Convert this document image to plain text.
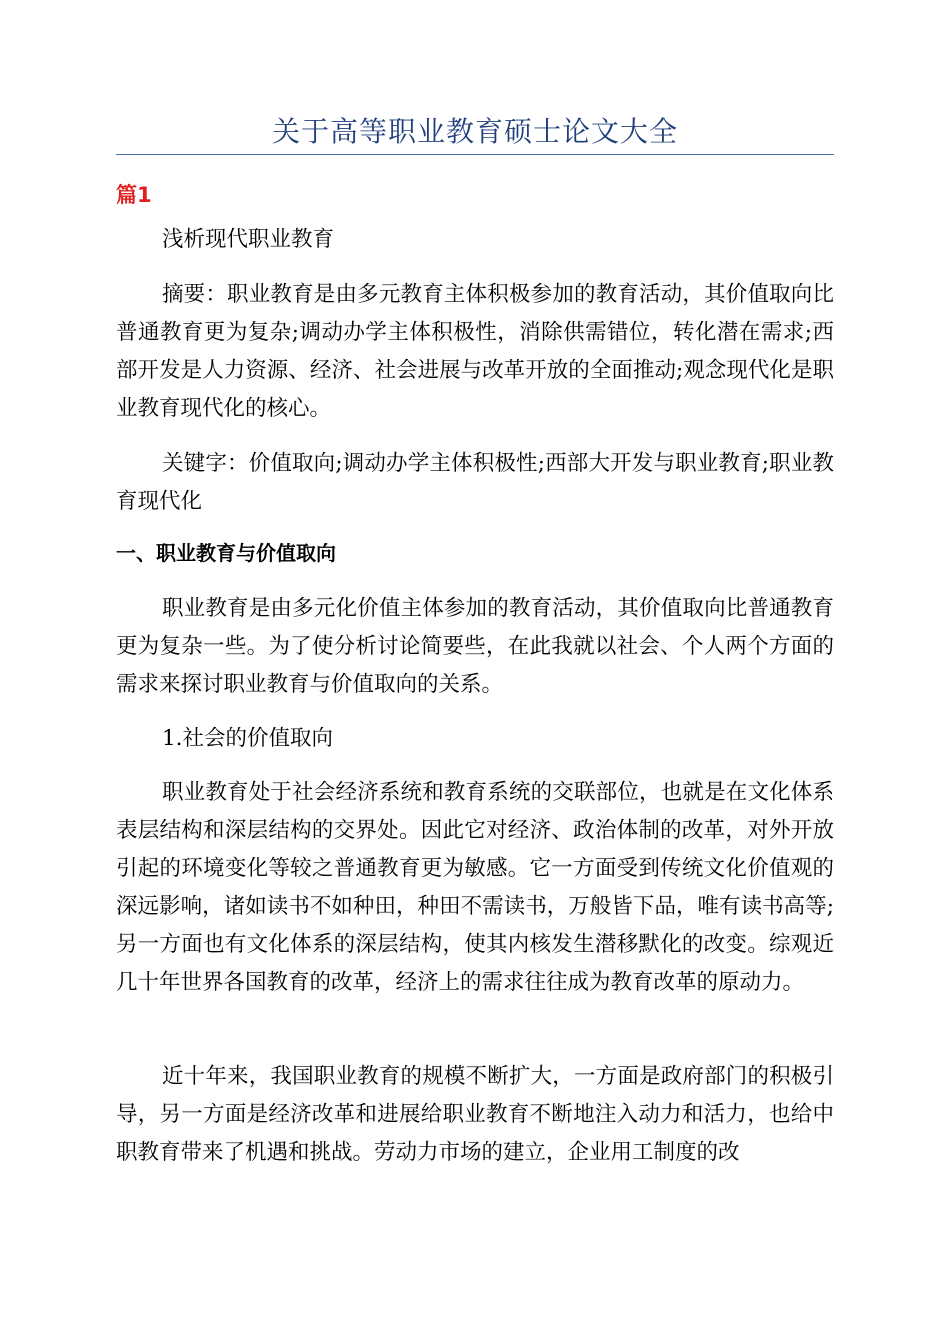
关于高等职业教育硕士论文大全
篇1

浅析现代职业教育

摘要：职业教育是由多元教育主体积极参加的教育活动，其价值取向比普通教育更为复杂;调动办学主体积极性，消除供需错位，转化潜在需求;西部开发是人力资源、经济、社会进展与改革开放的全面推动;观念现代化是职业教育现代化的核心。

关键字：价值取向;调动办学主体积极性;西部大开发与职业教育;职业教育现代化

一、职业教育与价值取向

职业教育是由多元化价值主体参加的教育活动，其价值取向比普通教育更为复杂一些。为了使分析讨论简要些，在此我就以社会、个人两个方面的需求来探讨职业教育与价值取向的关系。

1.社会的价值取向

职业教育处于社会经济系统和教育系统的交联部位，也就是在文化体系表层结构和深层结构的交界处。因此它对经济、政治体制的改革，对外开放引起的环境变化等较之普通教育更为敏感。它一方面受到传统文化价值观的深远影响，诸如读书不如种田，种田不需读书，万般皆下品，唯有读书高等;另一方面也有文化体系的深层结构，使其内核发生潜移默化的改变。综观近几十年世界各国教育的改革，经济上的需求往往成为教育改革的原动力。

近十年来，我国职业教育的规模不断扩大，一方面是政府部门的积极引导，另一方面是经济改革和进展给职业教育不断地注入动力和活力，也给中职教育带来了机遇和挑战。劳动力市场的建立，企业用工制度的改
